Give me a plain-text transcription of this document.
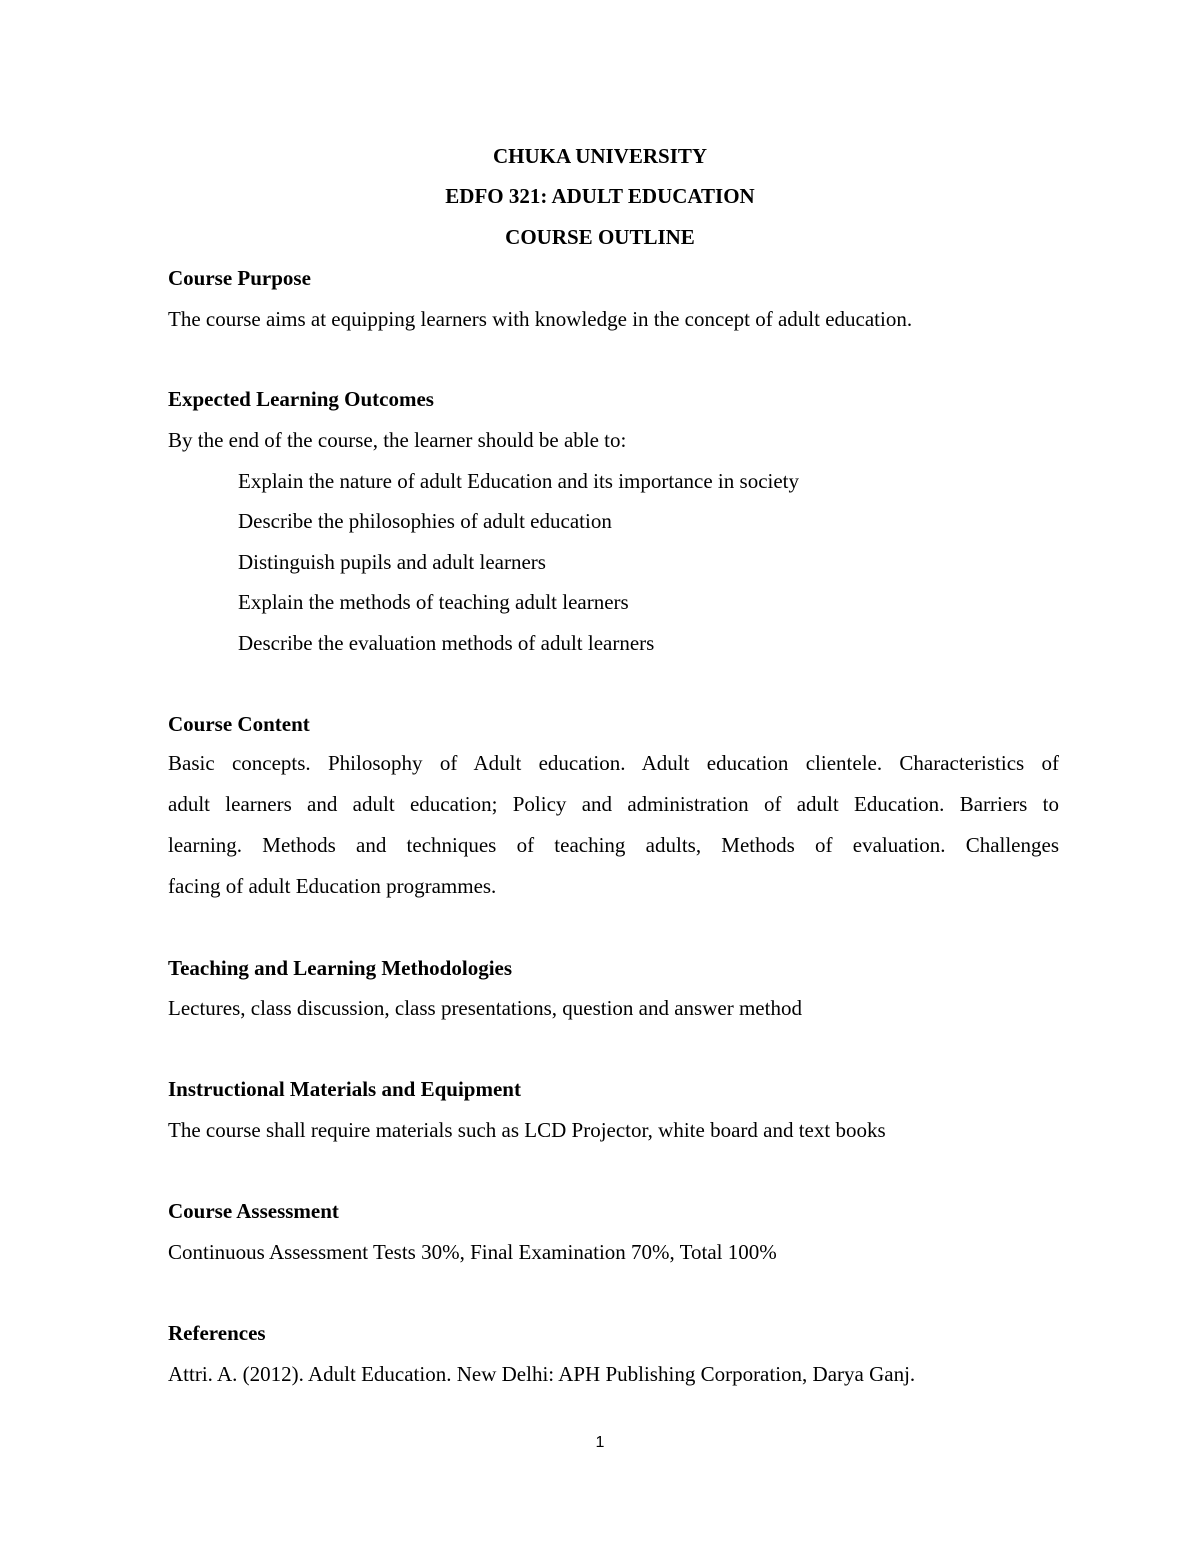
CHUKA UNIVERSITY
EDFO 321: ADULT EDUCATION
COURSE OUTLINE
Course Purpose
The course aims at equipping learners with knowledge in the concept of adult education.
Expected Learning Outcomes
By the end of the course, the learner should be able to:
Explain the nature of adult Education and its importance in society
Describe the philosophies of adult education
Distinguish pupils and adult learners
Explain the methods of teaching adult learners
Describe the evaluation methods of adult learners
Course Content
Basic concepts. Philosophy of Adult education. Adult education clientele. Characteristics of
adult learners and adult education; Policy and administration of adult Education. Barriers to
learning. Methods and techniques of teaching adults, Methods of evaluation. Challenges
facing of adult Education programmes.
Teaching and Learning Methodologies
Lectures, class discussion, class presentations, question and answer method
Instructional Materials and Equipment
The course shall require materials such as LCD Projector, white board and text books
Course Assessment
Continuous Assessment Tests 30%, Final Examination 70%, Total 100%
References
Attri. A. (2012). Adult Education. New Delhi: APH Publishing Corporation, Darya Ganj.
1
